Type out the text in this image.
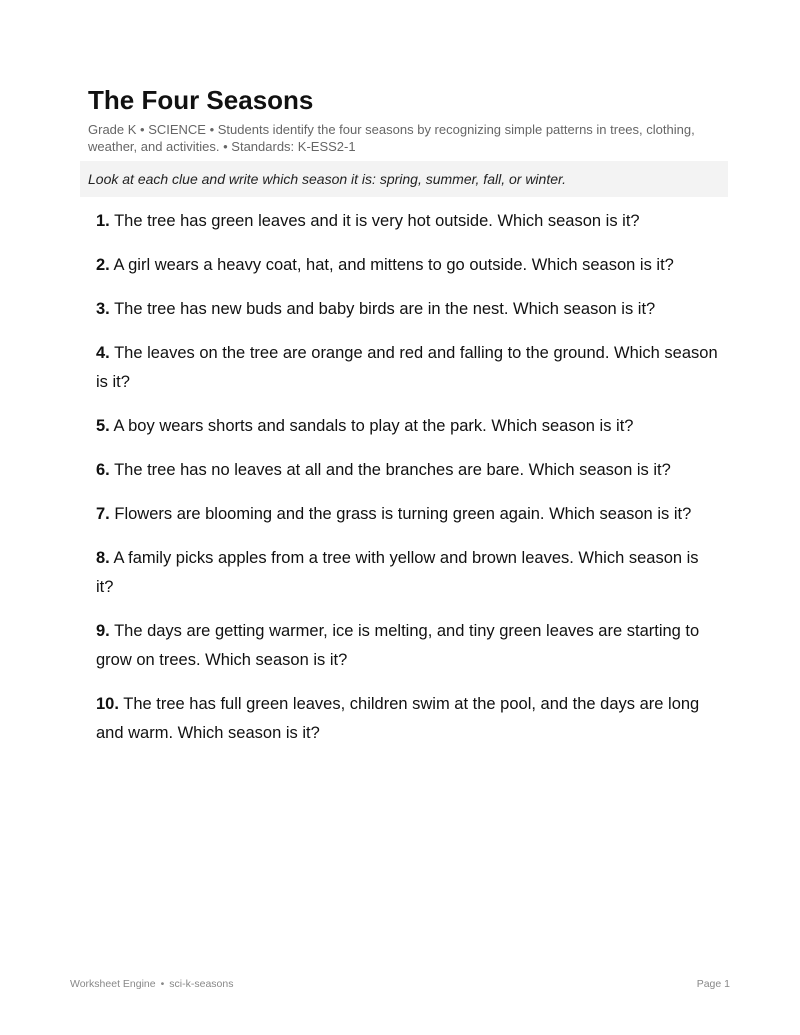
The Four Seasons
Grade K • SCIENCE • Students identify the four seasons by recognizing simple patterns in trees, clothing, weather, and activities. • Standards: K-ESS2-1
Look at each clue and write which season it is: spring, summer, fall, or winter.
1. The tree has green leaves and it is very hot outside. Which season is it?
2. A girl wears a heavy coat, hat, and mittens to go outside. Which season is it?
3. The tree has new buds and baby birds are in the nest. Which season is it?
4. The leaves on the tree are orange and red and falling to the ground. Which season is it?
5. A boy wears shorts and sandals to play at the park. Which season is it?
6. The tree has no leaves at all and the branches are bare. Which season is it?
7. Flowers are blooming and the grass is turning green again. Which season is it?
8. A family picks apples from a tree with yellow and brown leaves. Which season is it?
9. The days are getting warmer, ice is melting, and tiny green leaves are starting to grow on trees. Which season is it?
10. The tree has full green leaves, children swim at the pool, and the days are long and warm. Which season is it?
Worksheet Engine • sci-k-seasons	Page 1
